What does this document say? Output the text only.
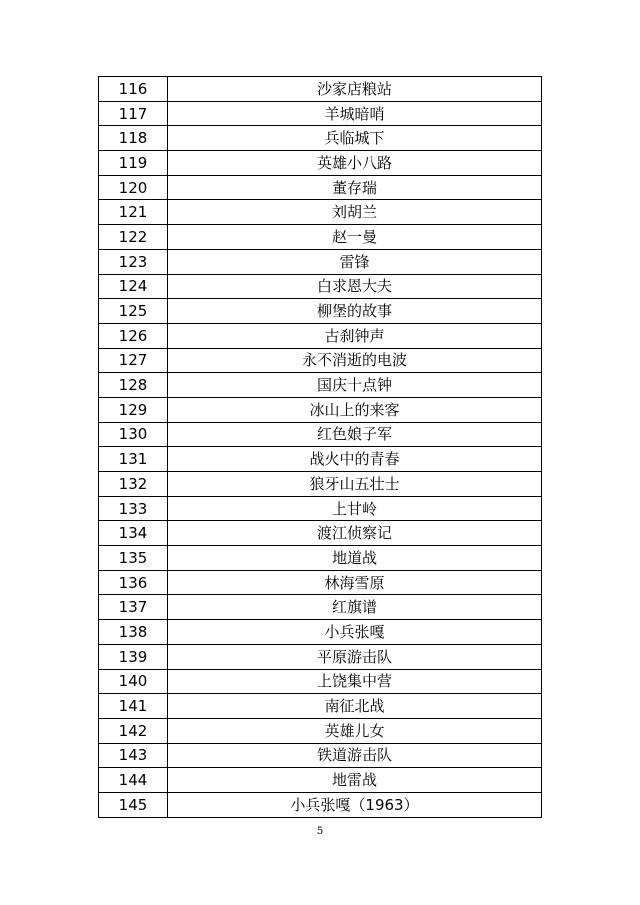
116	沙家店粮站
117	羊城暗哨
118	兵临城下
119	英雄小八路
120	董存瑞
121	刘胡兰
122	赵一曼
123	雷锋
124	白求恩大夫
125	柳堡的故事
126	古刹钟声
127	永不消逝的电波
128	国庆十点钟
129	冰山上的来客
130	红色娘子军
131	战火中的青春
132	狼牙山五壮士
133	上甘岭
134	渡江侦察记
135	地道战
136	林海雪原
137	红旗谱
138	小兵张嘎
139	平原游击队
140	上饶集中营
141	南征北战
142	英雄儿女
143	铁道游击队
144	地雷战
145	小兵张嘎（1963）
5
